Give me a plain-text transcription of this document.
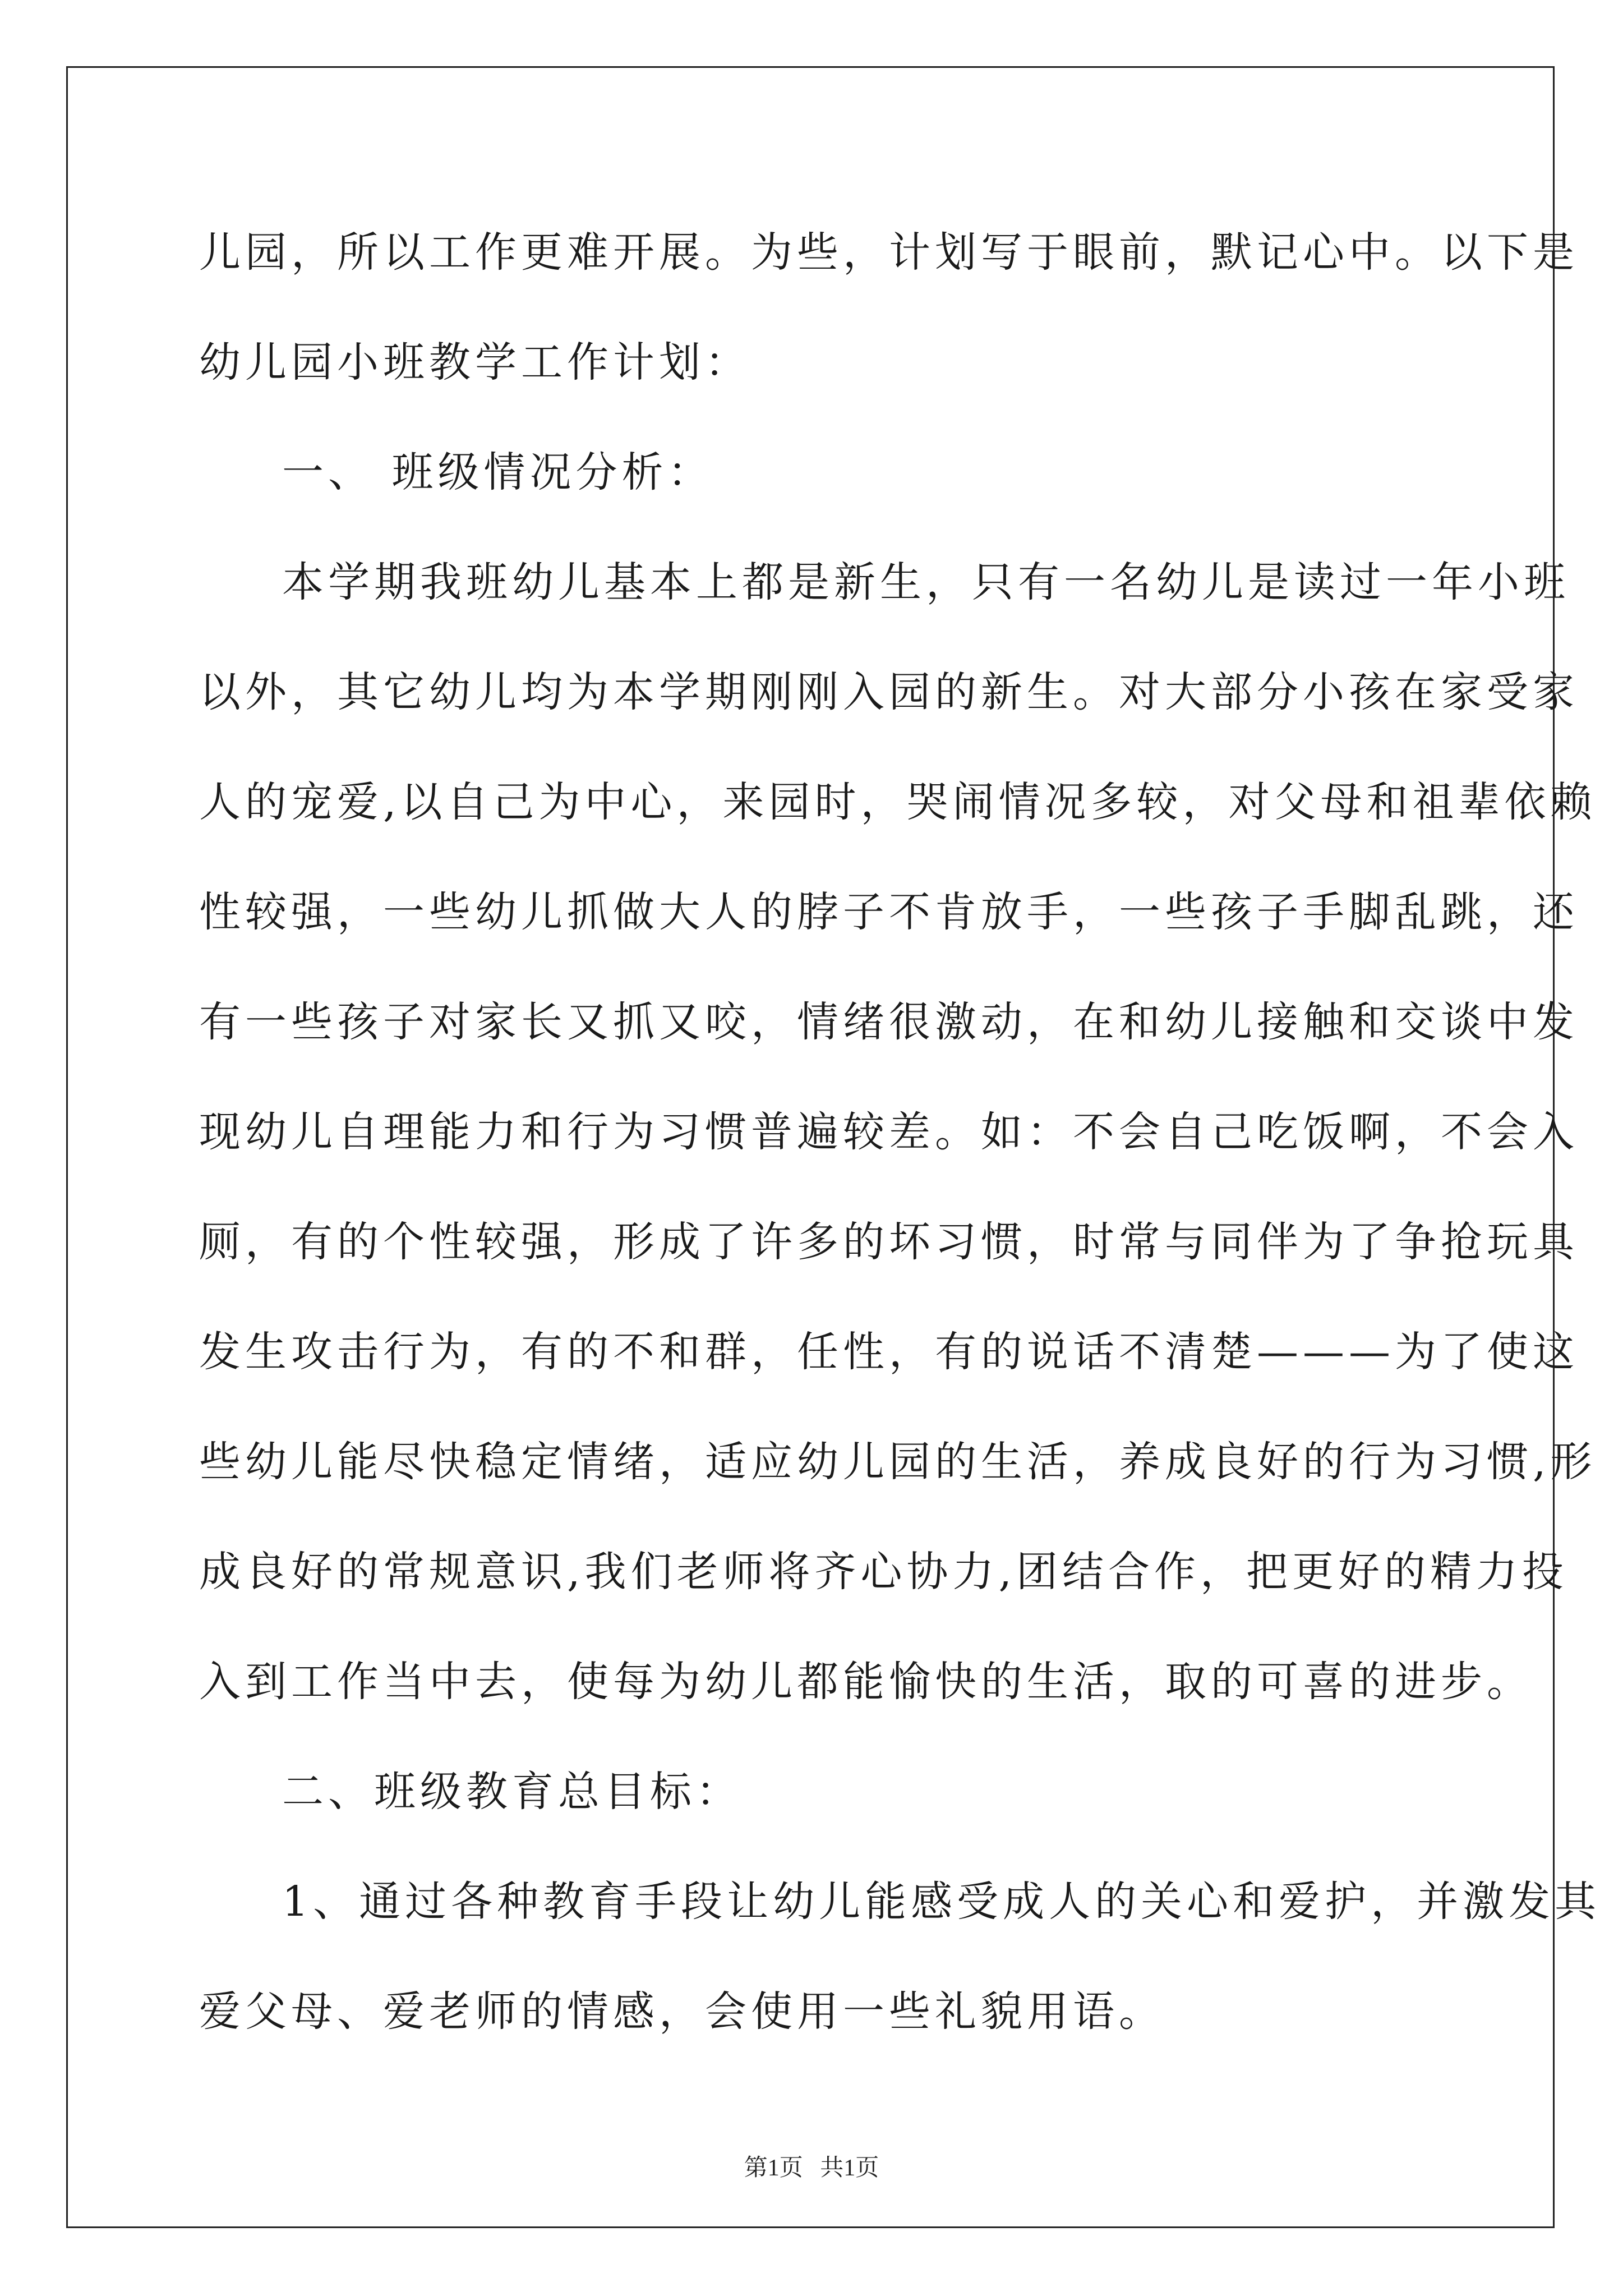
儿园，所以工作更难开展。为些，计划写于眼前，默记心中。以下是
幼儿园小班教学工作计划：
一、 班级情况分析：
本学期我班幼儿基本上都是新生，只有一名幼儿是读过一年小班
以外，其它幼儿均为本学期刚刚入园的新生。对大部分小孩在家受家
人的宠爱,以自己为中心，来园时，哭闹情况多较，对父母和祖辈依赖
性较强，一些幼儿抓做大人的脖子不肯放手，一些孩子手脚乱跳，还
有一些孩子对家长又抓又咬，情绪很激动，在和幼儿接触和交谈中发
现幼儿自理能力和行为习惯普遍较差。如：不会自己吃饭啊，不会入
厕，有的个性较强，形成了许多的坏习惯，时常与同伴为了争抢玩具
发生攻击行为，有的不和群，任性，有的说话不清楚———为了使这
些幼儿能尽快稳定情绪，适应幼儿园的生活，养成良好的行为习惯,形
成良好的常规意识,我们老师将齐心协力,团结合作，把更好的精力投
入到工作当中去，使每为幼儿都能愉快的生活，取的可喜的进步。
二、班级教育总目标：
1、通过各种教育手段让幼儿能感受成人的关心和爱护，并激发其
爱父母、爱老师的情感，会使用一些礼貌用语。
第1页 共1页
